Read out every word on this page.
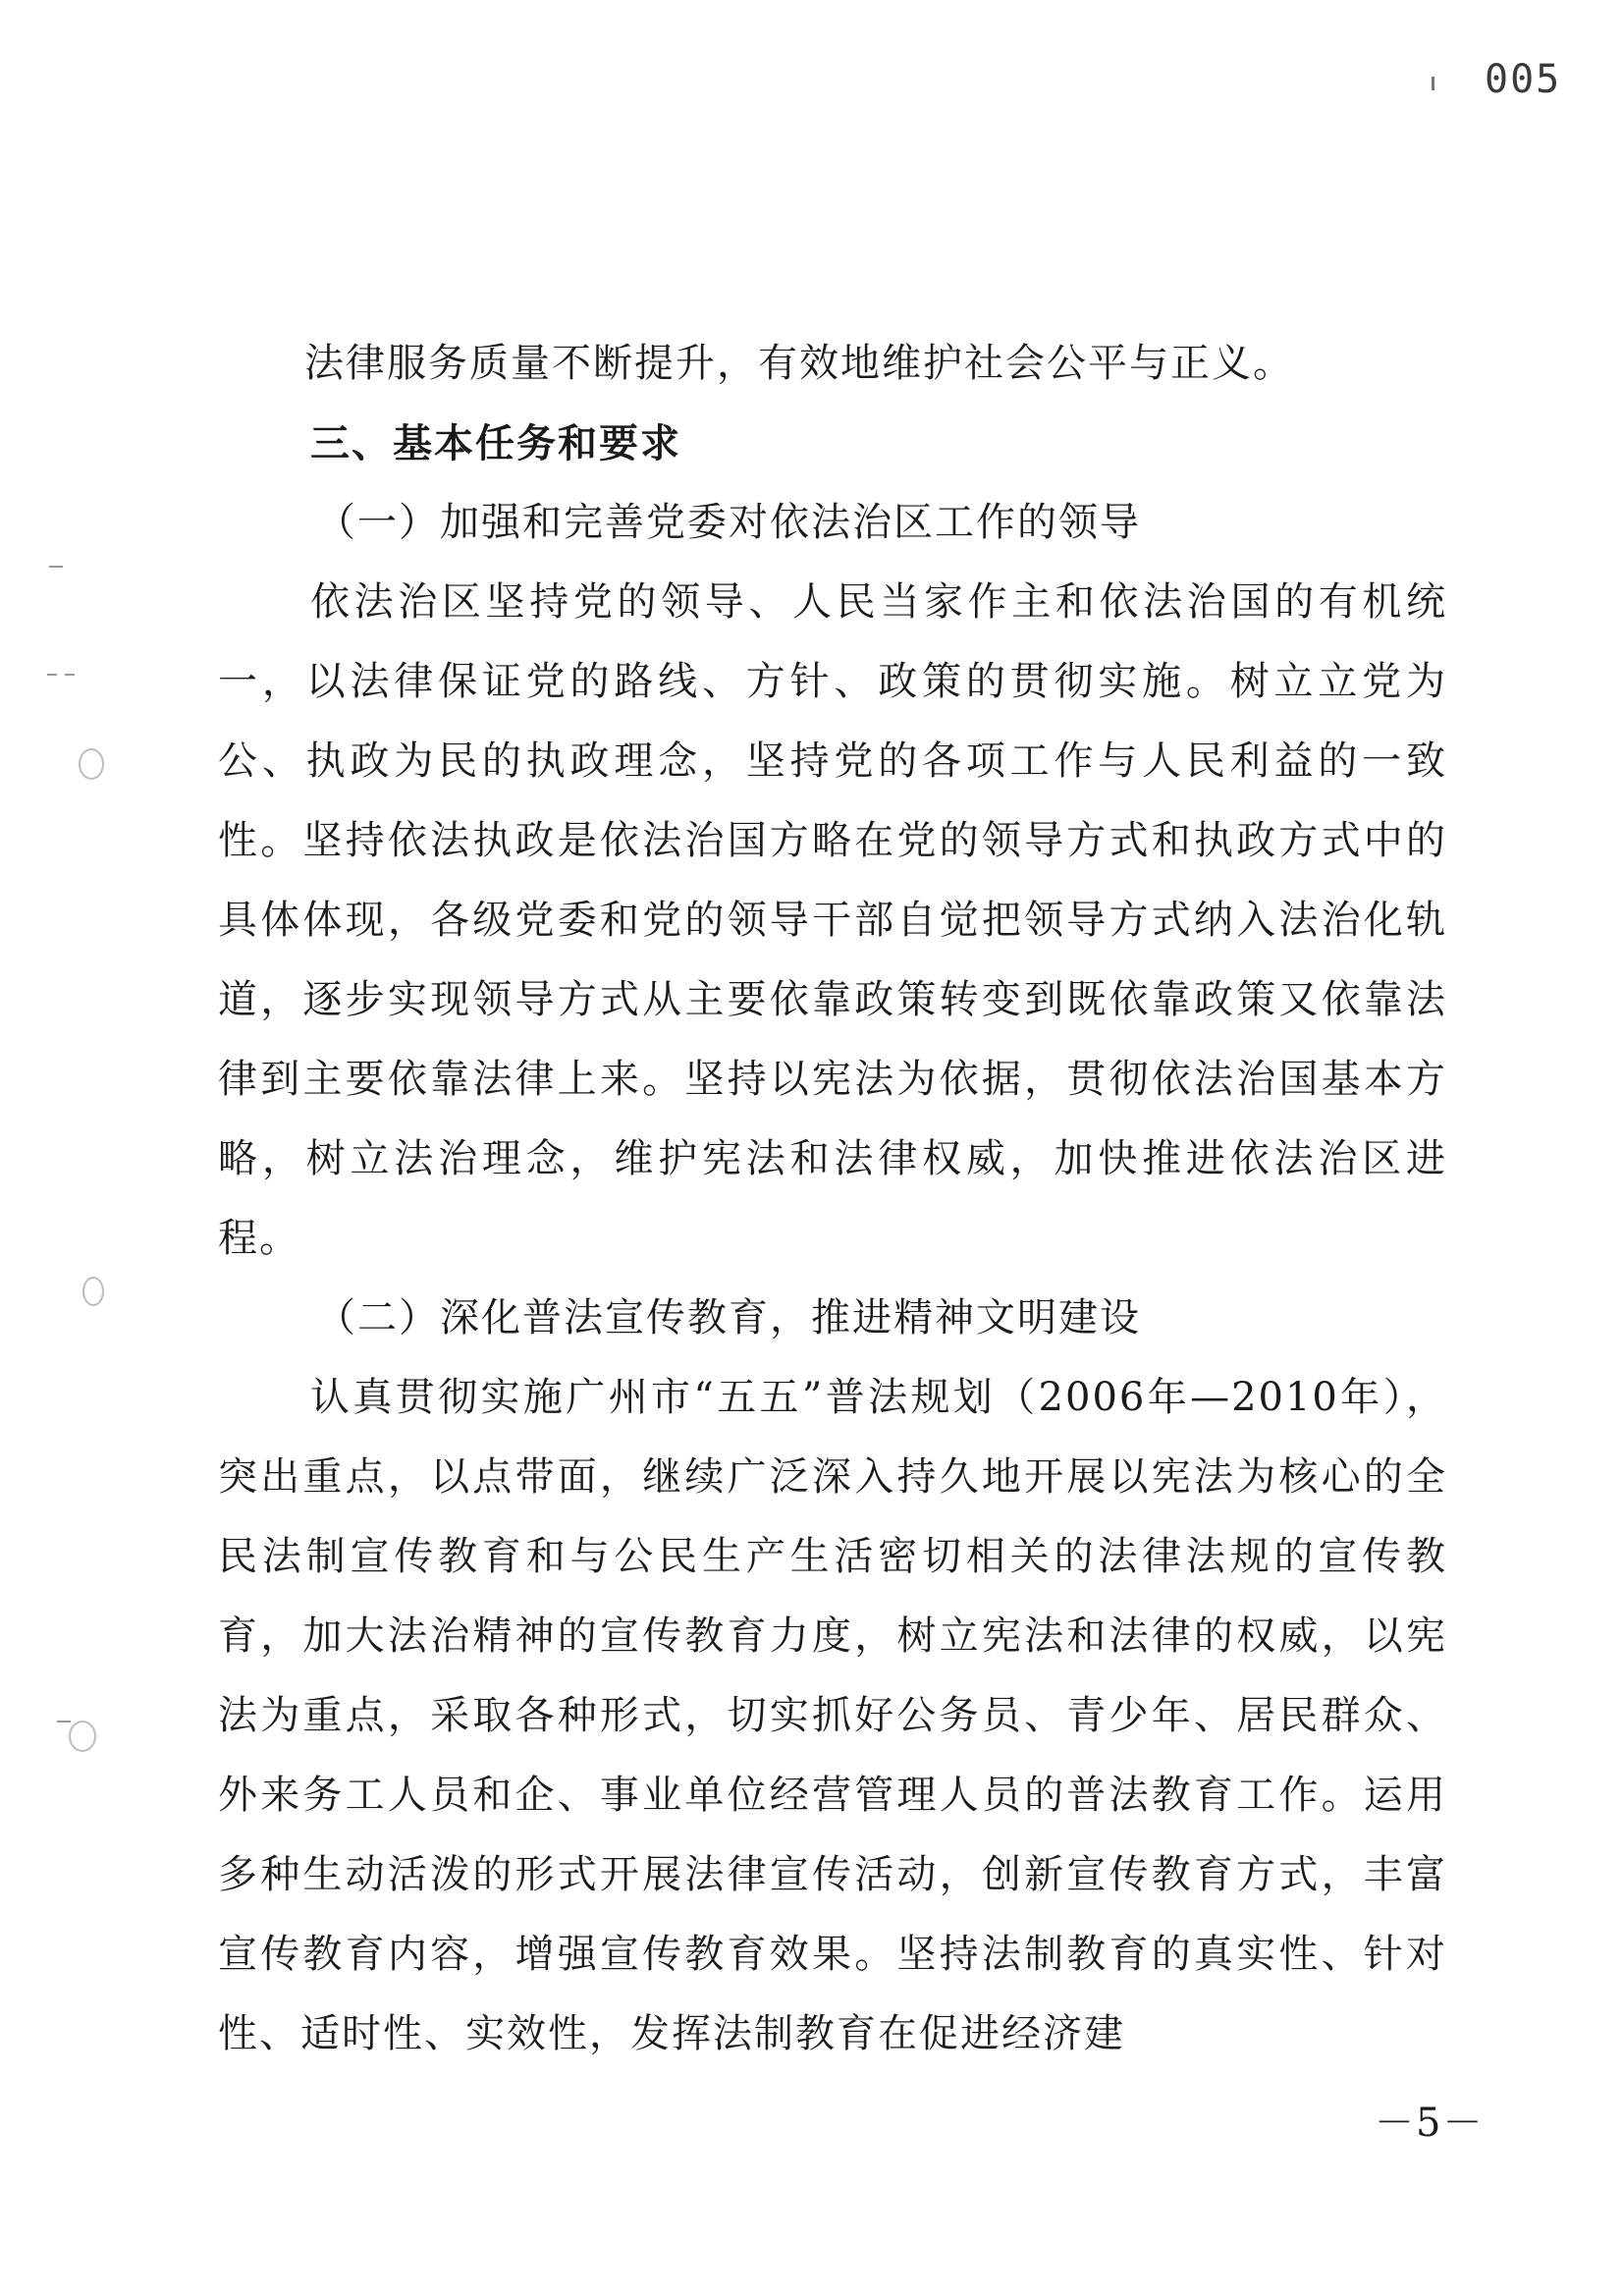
005

法律服务质量不断提升，有效地维护社会公平与正义。

三、基本任务和要求

（一）加强和完善党委对依法治区工作的领导

依法治区坚持党的领导、人民当家作主和依法治国的有机统一，以法律保证党的路线、方针、政策的贯彻实施。树立立党为公、执政为民的执政理念，坚持党的各项工作与人民利益的一致性。坚持依法执政是依法治国方略在党的领导方式和执政方式中的具体体现，各级党委和党的领导干部自觉把领导方式纳入法治化轨道，逐步实现领导方式从主要依靠政策转变到既依靠政策又依靠法律到主要依靠法律上来。坚持以宪法为依据，贯彻依法治国基本方略，树立法治理念，维护宪法和法律权威，加快推进依法治区进程。

（二）深化普法宣传教育，推进精神文明建设

认真贯彻实施广州市“五五”普法规划（2006年—2010年），突出重点，以点带面，继续广泛深入持久地开展以宪法为核心的全民法制宣传教育和与公民生产生活密切相关的法律法规的宣传教育，加大法治精神的宣传教育力度，树立宪法和法律的权威，以宪法为重点，采取各种形式，切实抓好公务员、青少年、居民群众、外来务工人员和企、事业单位经营管理人员的普法教育工作。运用多种生动活泼的形式开展法律宣传活动，创新宣传教育方式，丰富宣传教育内容，增强宣传教育效果。坚持法制教育的真实性、针对性、适时性、实效性，发挥法制教育在促进经济建

－5－
